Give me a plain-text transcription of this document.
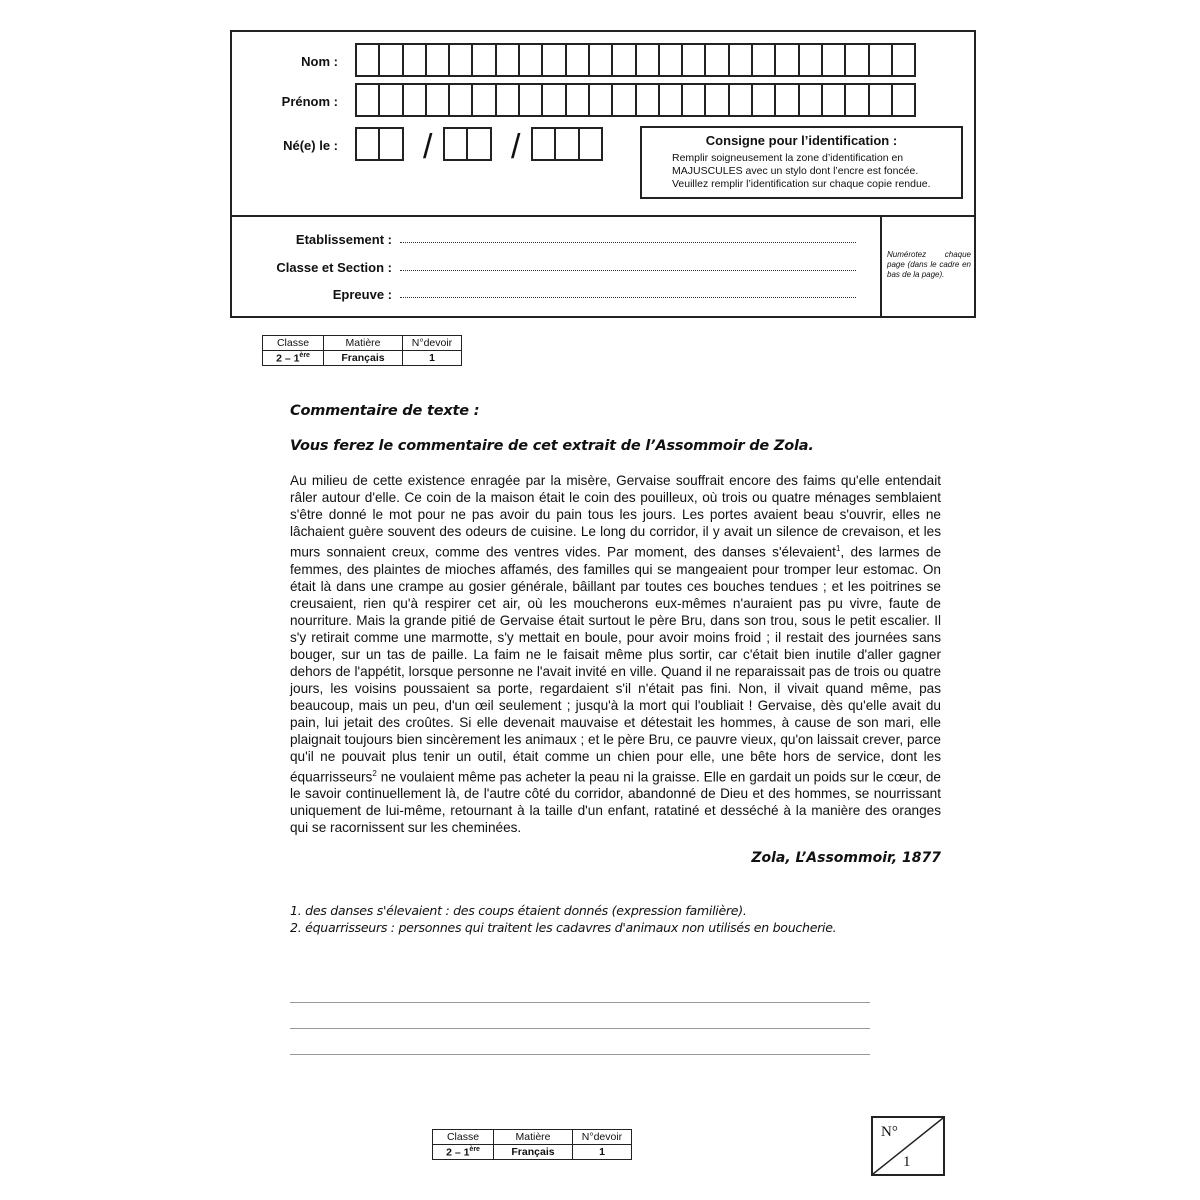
Nom :
Prénom :
Né(e) le :	/ /	Consigne pour l’identification :
Remplir soigneusement la zone d’identification en
MAJUSCULES avec un stylo dont l’encre est foncée.
Veuillez remplir l’identification sur chaque copie rendue.
Etablissement :
Classe et Section :
Epreuve :
Numérotez chaque page (dans le cadre en bas de la page).
Classe	Matière	N°devoir
2 – 1ère	Français	1
Commentaire de texte :
Vous ferez le commentaire de cet extrait de l’Assommoir de Zola.
Au milieu de cette existence enragée par la misère, Gervaise souffrait encore des faims qu'elle entendait râler autour d'elle. Ce coin de la maison était le coin des pouilleux, où trois ou quatre ménages semblaient s'être donné le mot pour ne pas avoir du pain tous les jours. Les portes avaient beau s'ouvrir, elles ne lâchaient guère souvent des odeurs de cuisine. Le long du corridor, il y avait un silence de crevaison, et les murs sonnaient creux, comme des ventres vides. Par moment, des danses s'élevaient$^1$, des larmes de femmes, des plaintes de mioches affamés, des familles qui se mangeaient pour tromper leur estomac. On était là dans une crampe au gosier générale, bâillant par toutes ces bouches tendues ; et les poitrines se creusaient, rien qu'à respirer cet air, où les moucherons eux-mêmes n'auraient pas pu vivre, faute de nourriture. Mais la grande pitié de Gervaise était surtout le père Bru, dans son trou, sous le petit escalier. Il s'y retirait comme une marmotte, s'y mettait en boule, pour avoir moins froid ; il restait des journées sans bouger, sur un tas de paille. La faim ne le faisait même plus sortir, car c'était bien inutile d'aller gagner dehors de l'appétit, lorsque personne ne l'avait invité en ville. Quand il ne reparaissait pas de trois ou quatre jours, les voisins poussaient sa porte, regardaient s'il n'était pas fini. Non, il vivait quand même, pas beaucoup, mais un peu, d'un œil seulement ; jusqu'à la mort qui l'oubliait ! Gervaise, dès qu'elle avait du pain, lui jetait des croûtes. Si elle devenait mauvaise et détestait les hommes, à cause de son mari, elle plaignait toujours bien sincèrement les animaux ; et le père Bru, ce pauvre vieux, qu'on laissait crever, parce qu'il ne pouvait plus tenir un outil, était comme un chien pour elle, une bête hors de service, dont les équarrisseurs$^2$ ne voulaient même pas acheter la peau ni la graisse. Elle en gardait un poids sur le cœur, de le savoir continuellement là, de l'autre côté du corridor, abandonné de Dieu et des hommes, se nourrissant uniquement de lui-même, retournant à la taille d'un enfant, ratatiné et desséché à la manière des oranges qui se racornissent sur les cheminées.
Zola, L’Assommoir, 1877
1. des danses s'élevaient : des coups étaient donnés (expression familière).
2. équarrisseurs : personnes qui traitent les cadavres d'animaux non utilisés en boucherie.
Classe	Matière	N°devoir
2 – 1ère	Français	1
N°
1
